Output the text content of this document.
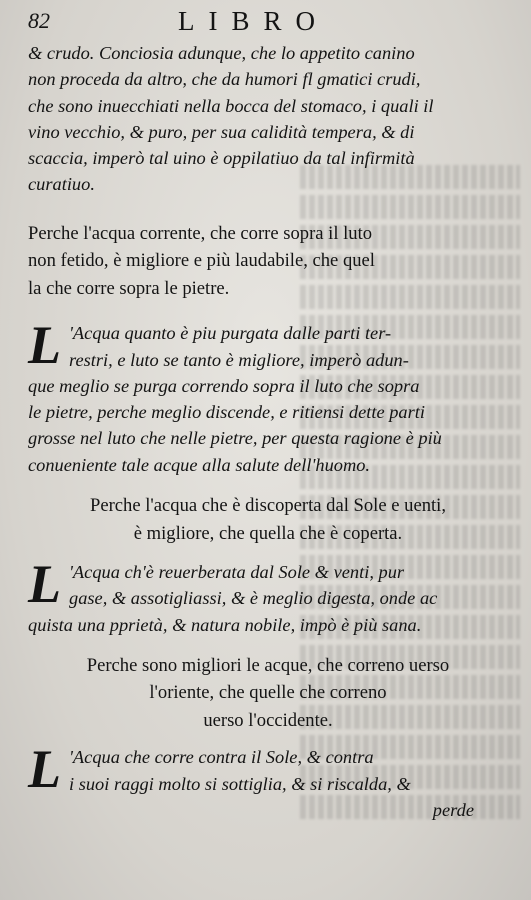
82	LIBRO

& crudo. Conciosia adunque, che lo appetito canino
non proceda da altro, che da humori fl gmatici crudi,
che sono inuecchiati nella bocca del stomaco, i quali il
vino vecchio, & puro, per sua calidità tempera, & di
scaccia, imperò tal uino è oppilatiuo da tal infirmità
curatiuo.

Perche l'acqua corrente, che corre sopra il luto
non fetido, è migliore e più laudabile, che quel
la che corre sopra le pietre.

L 'Acqua quanto è piu purgata dalle parti ter-
restri, e luto se tanto è migliore, imperò adun-
que meglio se purga correndo sopra il luto che sopra
le pietre, perche meglio discende, e ritiensi dette parti
grosse nel luto che nelle pietre, per questa ragione è più
conueniente tale acque alla salute dell'huomo.

Perche l'acqua che è discoperta dal Sole e uenti,
è migliore, che quella che è coperta.

L 'Acqua ch'è reuerberata dal Sole & venti, pur
gase, & assotigliassi, & è meglio digesta, onde ac
quista una pprietà, & natura nobile, impò è più sana.

Perche sono migliori le acque, che correno uerso
l'oriente, che quelle che correno
uerso l'occidente.

L 'Acqua che corre contra il Sole, & contra
i suoi raggi molto si sottiglia, & si riscalda, &
perde
